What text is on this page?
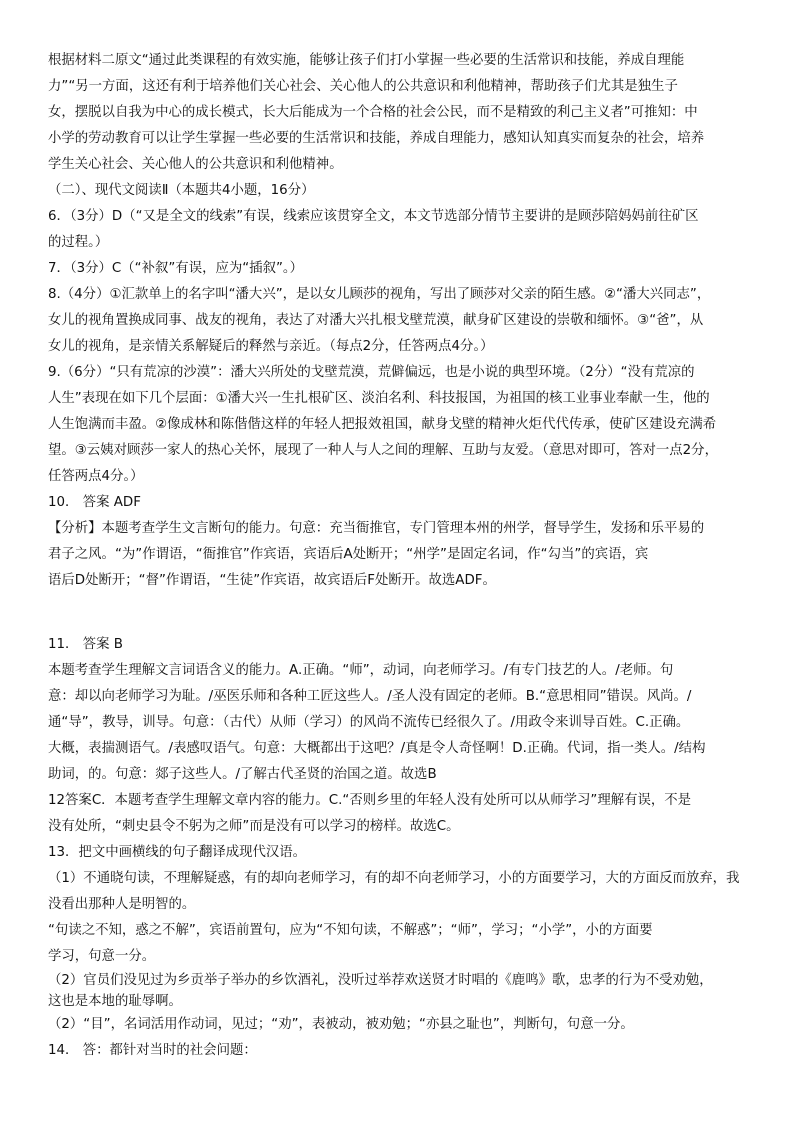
根据材料二原文“通过此类课程的有效实施，能够让孩子们打小掌握一些必要的生活常识和技能，养成自理能
力”“另一方面，这还有利于培养他们关心社会、关心他人的公共意识和利他精神，帮助孩子们尤其是独生子
女，摆脱以自我为中心的成长模式，长大后能成为一个合格的社会公民，而不是精致的利己主义者”可推知：中
小学的劳动教育可以让学生掌握一些必要的生活常识和技能，养成自理能力，感知认知真实而复杂的社会，培养
学生关心社会、关心他人的公共意识和利他精神。
（二）、现代文阅读Ⅱ（本题共4小题，16分）
6．（3分）D（“又是全文的线索”有误，线索应该贯穿全文，本文节选部分情节主要讲的是顾莎陪妈妈前往矿区
的过程。）
7．（3分）C（“补叙”有误，应为“插叙”。）
8.（4分）①汇款单上的名字叫“潘大兴”，是以女儿顾莎的视角，写出了顾莎对父亲的陌生感。②“潘大兴同志”，
女儿的视角置换成同事、战友的视角，表达了对潘大兴扎根戈壁荒漠，献身矿区建设的崇敬和缅怀。③“爸”，从
女儿的视角，是亲情关系解疑后的释然与亲近。（每点2分，任答两点4分。）
9.（6分）“只有荒凉的沙漠”：潘大兴所处的戈壁荒漠，荒僻偏远，也是小说的典型环境。（2分）“没有荒凉的
人生”表现在如下几个层面：①潘大兴一生扎根矿区、淡泊名利、科技报国，为祖国的核工业事业奉献一生，他的
人生饱满而丰盈。②像成林和陈偕偕这样的年轻人把报效祖国，献身戈壁的精神火炬代代传承，使矿区建设充满希
望。③云姨对顾莎一家人的热心关怀，展现了一种人与人之间的理解、互助与友爱。（意思对即可，答对一点2分，
任答两点4分。）
10． 答案 ADF
【分析】本题考查学生文言断句的能力。句意：充当衙推官，专门管理本州的州学，督导学生，发扬和乐平易的
君子之风。“为”作谓语，“衙推官”作宾语，宾语后A处断开；“州学”是固定名词，作“勾当”的宾语，宾
语后D处断开；“督”作谓语，“生徒”作宾语，故宾语后F处断开。故选ADF。
11． 答案 B
本题考查学生理解文言词语含义的能力。A.正确。“师”，动词，向老师学习。/有专门技艺的人。/老师。句
意：却以向老师学习为耻。/巫医乐师和各种工匠这些人。/圣人没有固定的老师。B.“意思相同”错误。风尚。/
通“导”，教导，训导。句意：（古代）从师（学习）的风尚不流传已经很久了。/用政令来训导百姓。C.正确。
大概，表揣测语气。/表感叹语气。句意：大概都出于这吧？/真是令人奇怪啊！D.正确。代词，指一类人。/结构
助词，的。句意：郯子这些人。/了解古代圣贤的治国之道。故选B
12答案C．本题考查学生理解文章内容的能力。C.“否则乡里的年轻人没有处所可以从师学习”理解有误，不是
没有处所，“刺史县令不躬为之师”而是没有可以学习的榜样。故选C。
13．把文中画横线的句子翻译成现代汉语。
（1）不通晓句读，不理解疑惑，有的却向老师学习，有的却不向老师学习，小的方面要学习，大的方面反而放弃，我
没看出那种人是明智的。
“句读之不知，惑之不解”，宾语前置句，应为“不知句读，不解惑”；“师”，学习；“小学”，小的方面要
学习，句意一分。
（2）官员们没见过为乡贡举子举办的乡饮酒礼，没听过举荐欢送贤才时唱的《鹿鸣》歌，忠孝的行为不受劝勉，
这也是本地的耻辱啊。
（2）“目”，名词活用作动词，见过；“劝”，表被动，被劝勉；“亦县之耻也”，判断句，句意一分。
14． 答：都针对当时的社会问题：
